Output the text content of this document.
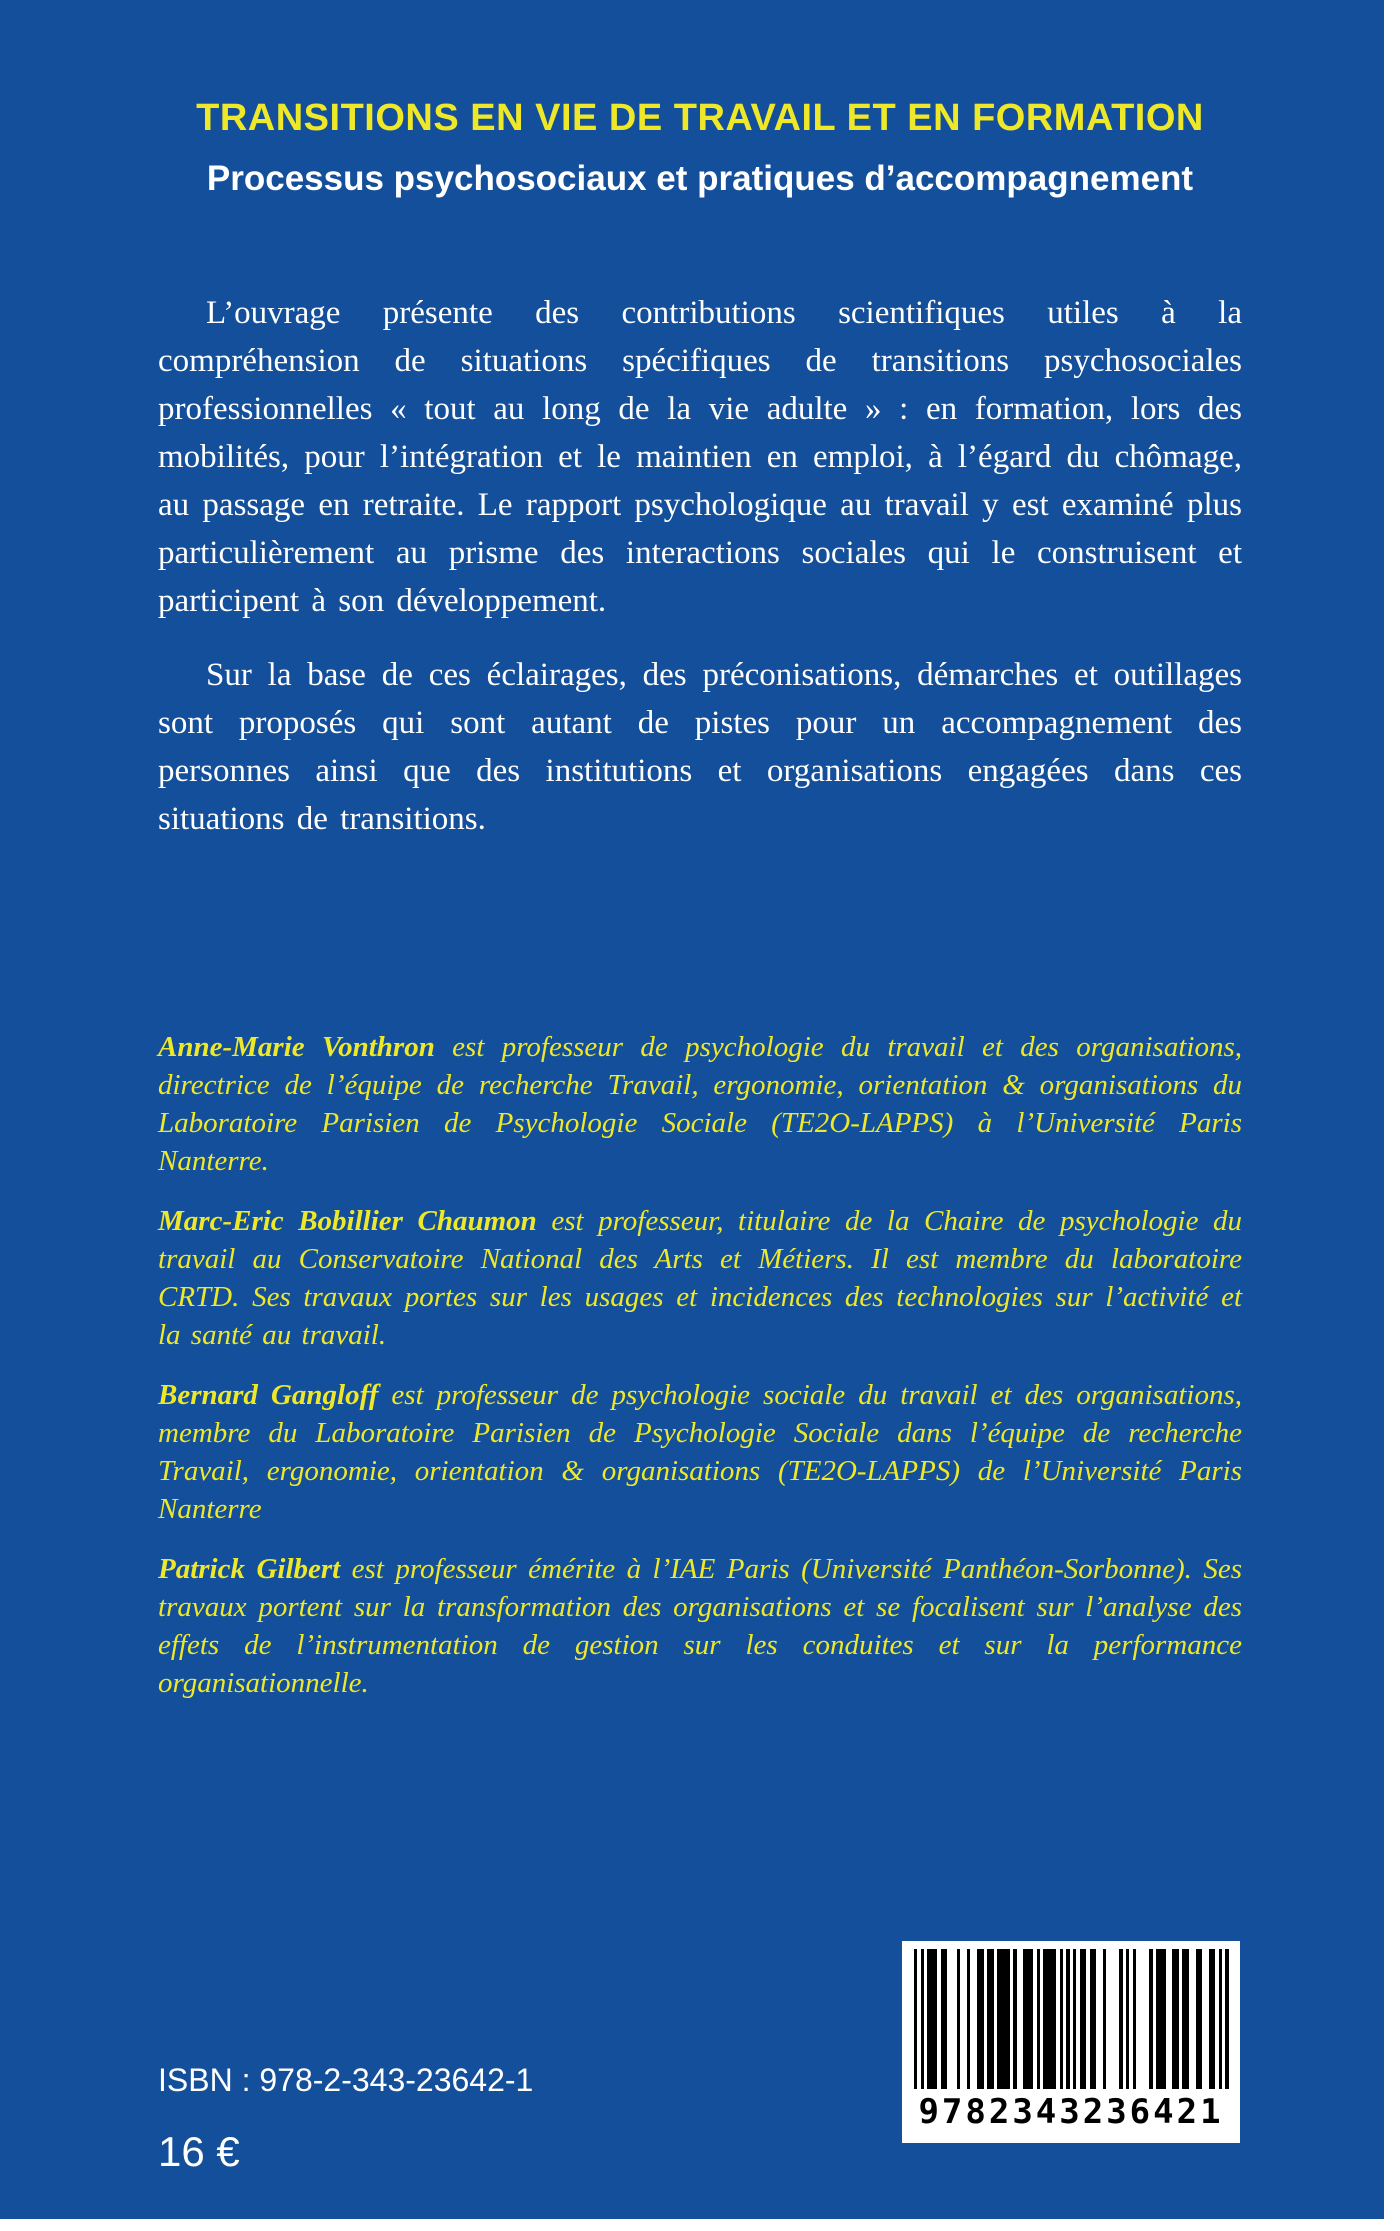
TRANSITIONS EN VIE DE TRAVAIL ET EN FORMATION
Processus psychosociaux et pratiques d’accompagnement

L’ouvrage présente des contributions scientifiques utiles à la compréhension de situations spécifiques de transitions psychosociales professionnelles « tout au long de la vie adulte » : en formation, lors des mobilités, pour l’intégration et le maintien en emploi, à l’égard du chômage, au passage en retraite. Le rapport psychologique au travail y est examiné plus particulièrement au prisme des interactions sociales qui le construisent et participent à son développement.

Sur la base de ces éclairages, des préconisations, démarches et outillages sont proposés qui sont autant de pistes pour un accompagnement des personnes ainsi que des institutions et organisations engagées dans ces situations de transitions.

Anne-Marie Vonthron est professeur de psychologie du travail et des organisations, directrice de l’équipe de recherche Travail, ergonomie, orientation & organisations du Laboratoire Parisien de Psychologie Sociale (TE2O-LAPPS) à l’Université Paris Nanterre.

Marc-Eric Bobillier Chaumon est professeur, titulaire de la Chaire de psychologie du travail au Conservatoire National des Arts et Métiers. Il est membre du laboratoire CRTD. Ses travaux portes sur les usages et incidences des technologies sur l’activité et la santé au travail.

Bernard Gangloff est professeur de psychologie sociale du travail et des organisations, membre du Laboratoire Parisien de Psychologie Sociale dans l’équipe de recherche Travail, ergonomie, orientation & organisations (TE2O-LAPPS) de l’Université Paris Nanterre

Patrick Gilbert est professeur émérite à l’IAE Paris (Université Panthéon-Sorbonne). Ses travaux portent sur la transformation des organisations et se focalisent sur l’analyse des effets de l’instrumentation de gestion sur les conduites et sur la performance organisationnelle.

ISBN : 978-2-343-23642-1
16 €
9782343236421
